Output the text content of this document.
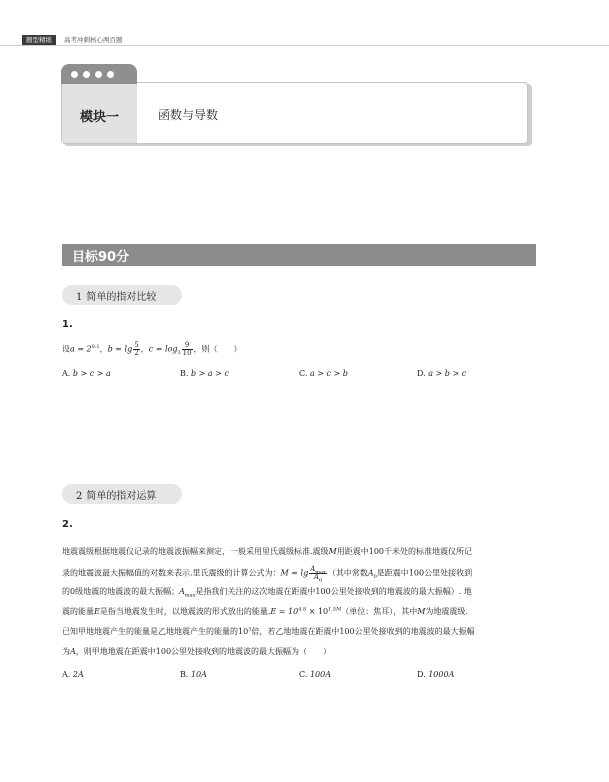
题型精练	高考冲刺核心两百题
模块一	函数与导数
目标90分
1 简单的指对比较
1.
设$a = 2^{0.1}$，$b = \lg \frac{5}{2}$ ，$c = \log_3 \frac{9}{10}$ ，则（　　）
A. b > c > a	B. b > a > c	C. a > c > b	D. a > b > c
2 简单的指对运算
2.
地震震级根据地震仪记录的地震波振幅来测定，一般采用里氏震级标准.震级M用距震中100千米处的标准地震仪所记
录的地震波最大振幅值的对数来表示.里氏震级的计算公式为：$M = \lg \frac{A_{max}}{A_0}$ （其中常数$A_0$是距震中100公里处接收到
的0级地震的地震波的最大振幅；$A_{max}$是指我们关注的这次地震在距震中100公里处接收到的地震波的最大振幅）. 地
震的能量E是指当地震发生时，以地震波的形式放出的能量$.E = 10^{4.8} \times 10^{1.5M}$（单位：焦耳），其中M为地震震级.
已知甲地地震产生的能量是乙地地震产生的能量的$10^3$倍，若乙地地震在距震中100公里处接收到的地震波的最大振幅
为A，则甲地地震在距震中100公里处接收到的地震波的最大振幅为（　　）
A. 2A	B. 10A	C. 100A	D. 1000A
